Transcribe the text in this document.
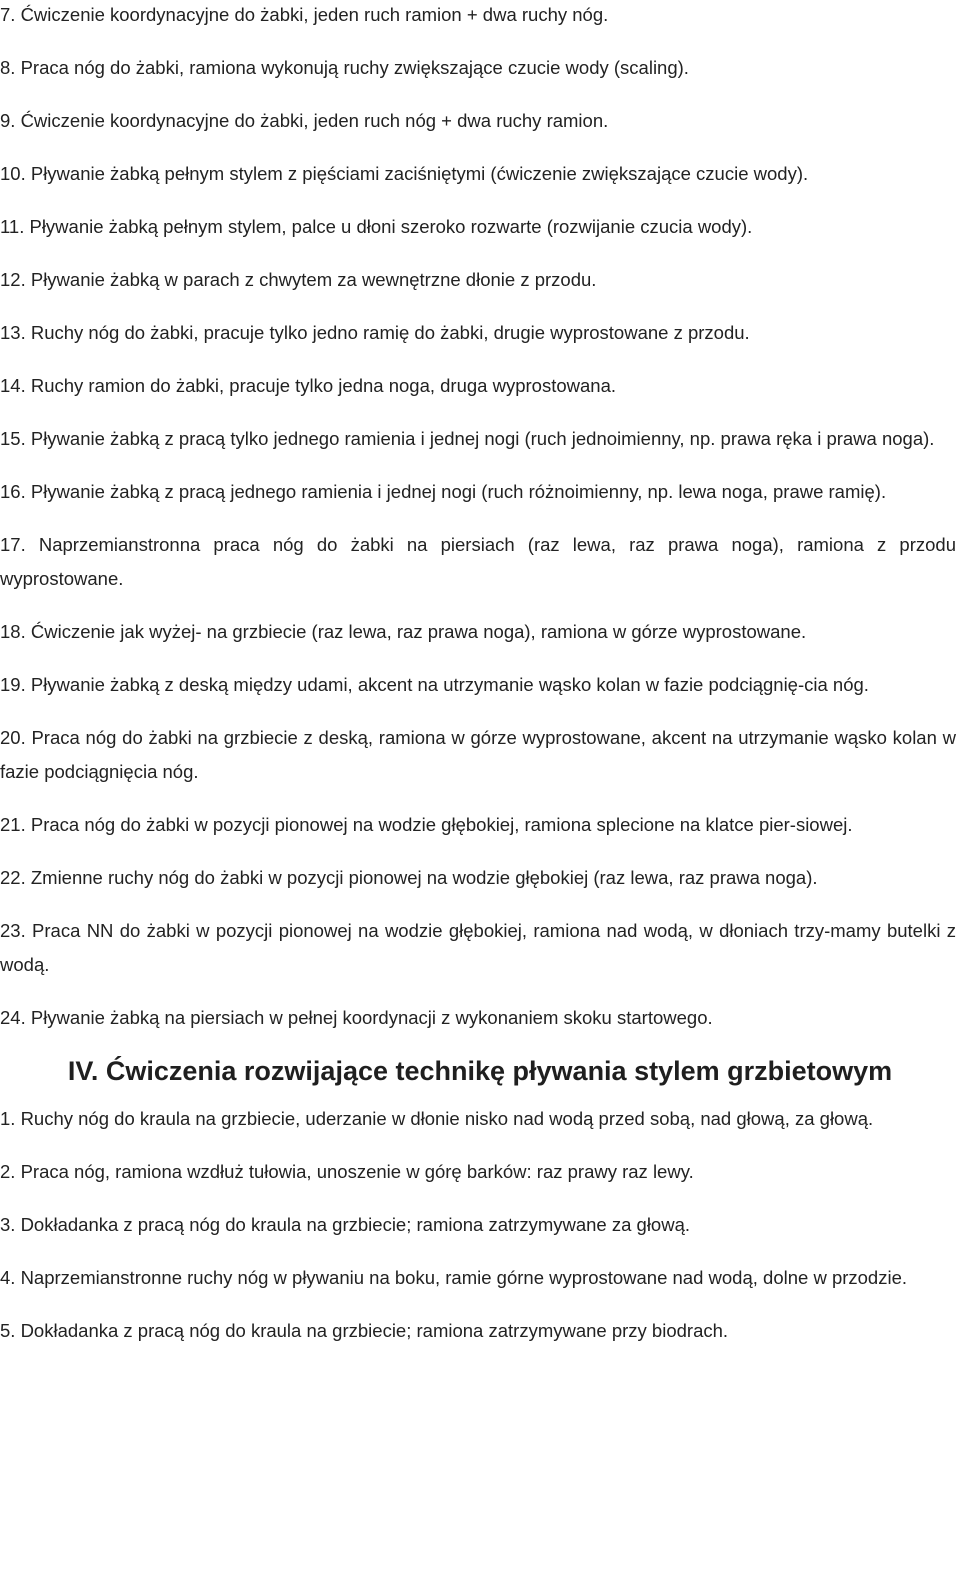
7. Ćwiczenie koordynacyjne do żabki, jeden ruch ramion + dwa ruchy nóg.

8. Praca nóg do żabki, ramiona wykonują ruchy zwiększające czucie wody (scaling).

9. Ćwiczenie koordynacyjne do żabki, jeden ruch nóg + dwa ruchy ramion.

10. Pływanie żabką pełnym stylem z pięściami zaciśniętymi (ćwiczenie zwiększające czucie wody).

11. Pływanie żabką pełnym stylem, palce u dłoni szeroko rozwarte (rozwijanie czucia wody).

12. Pływanie żabką w parach z chwytem za wewnętrzne dłonie z przodu.

13. Ruchy nóg do żabki, pracuje tylko jedno ramię do żabki, drugie wyprostowane z przodu.

14. Ruchy ramion do żabki, pracuje tylko jedna noga, druga wyprostowana.

15. Pływanie żabką z pracą tylko jednego ramienia i jednej nogi (ruch jednoimienny, np. prawa ręka i prawa noga).

16. Pływanie żabką z pracą jednego ramienia i jednej nogi (ruch różnoimienny, np. lewa noga, prawe ramię).

17. Naprzemianstronna praca nóg do żabki na piersiach (raz lewa, raz prawa noga), ramiona z przodu wyprostowane.

18. Ćwiczenie jak wyżej- na grzbiecie (raz lewa, raz prawa noga), ramiona w górze wyprostowane.

19. Pływanie żabką z deską między udami, akcent na utrzymanie wąsko kolan w fazie podciągnię-cia nóg.

20. Praca nóg do żabki na grzbiecie z deską, ramiona w górze wyprostowane, akcent na utrzymanie wąsko kolan w fazie podciągnięcia nóg.

21. Praca nóg do żabki w pozycji pionowej na wodzie głębokiej, ramiona splecione na klatce pier-siowej.

22. Zmienne ruchy nóg do żabki w pozycji pionowej na wodzie głębokiej (raz lewa, raz prawa noga).

23. Praca NN do żabki w pozycji pionowej na wodzie głębokiej, ramiona nad wodą, w dłoniach trzy-mamy butelki z wodą.

24. Pływanie żabką na piersiach w pełnej koordynacji z wykonaniem skoku startowego.

IV. Ćwiczenia rozwijające technikę pływania stylem grzbietowym

1. Ruchy nóg do kraula na grzbiecie, uderzanie w dłonie nisko nad wodą przed sobą, nad głową, za głową.

2. Praca nóg, ramiona wzdłuż tułowia, unoszenie w górę barków: raz prawy raz lewy.

3. Dokładanka z pracą nóg do kraula na grzbiecie; ramiona zatrzymywane za głową.

4. Naprzemianstronne ruchy nóg w pływaniu na boku, ramie górne wyprostowane nad wodą, dolne w przodzie.

5. Dokładanka z pracą nóg do kraula na grzbiecie; ramiona zatrzymywane przy biodrach.
